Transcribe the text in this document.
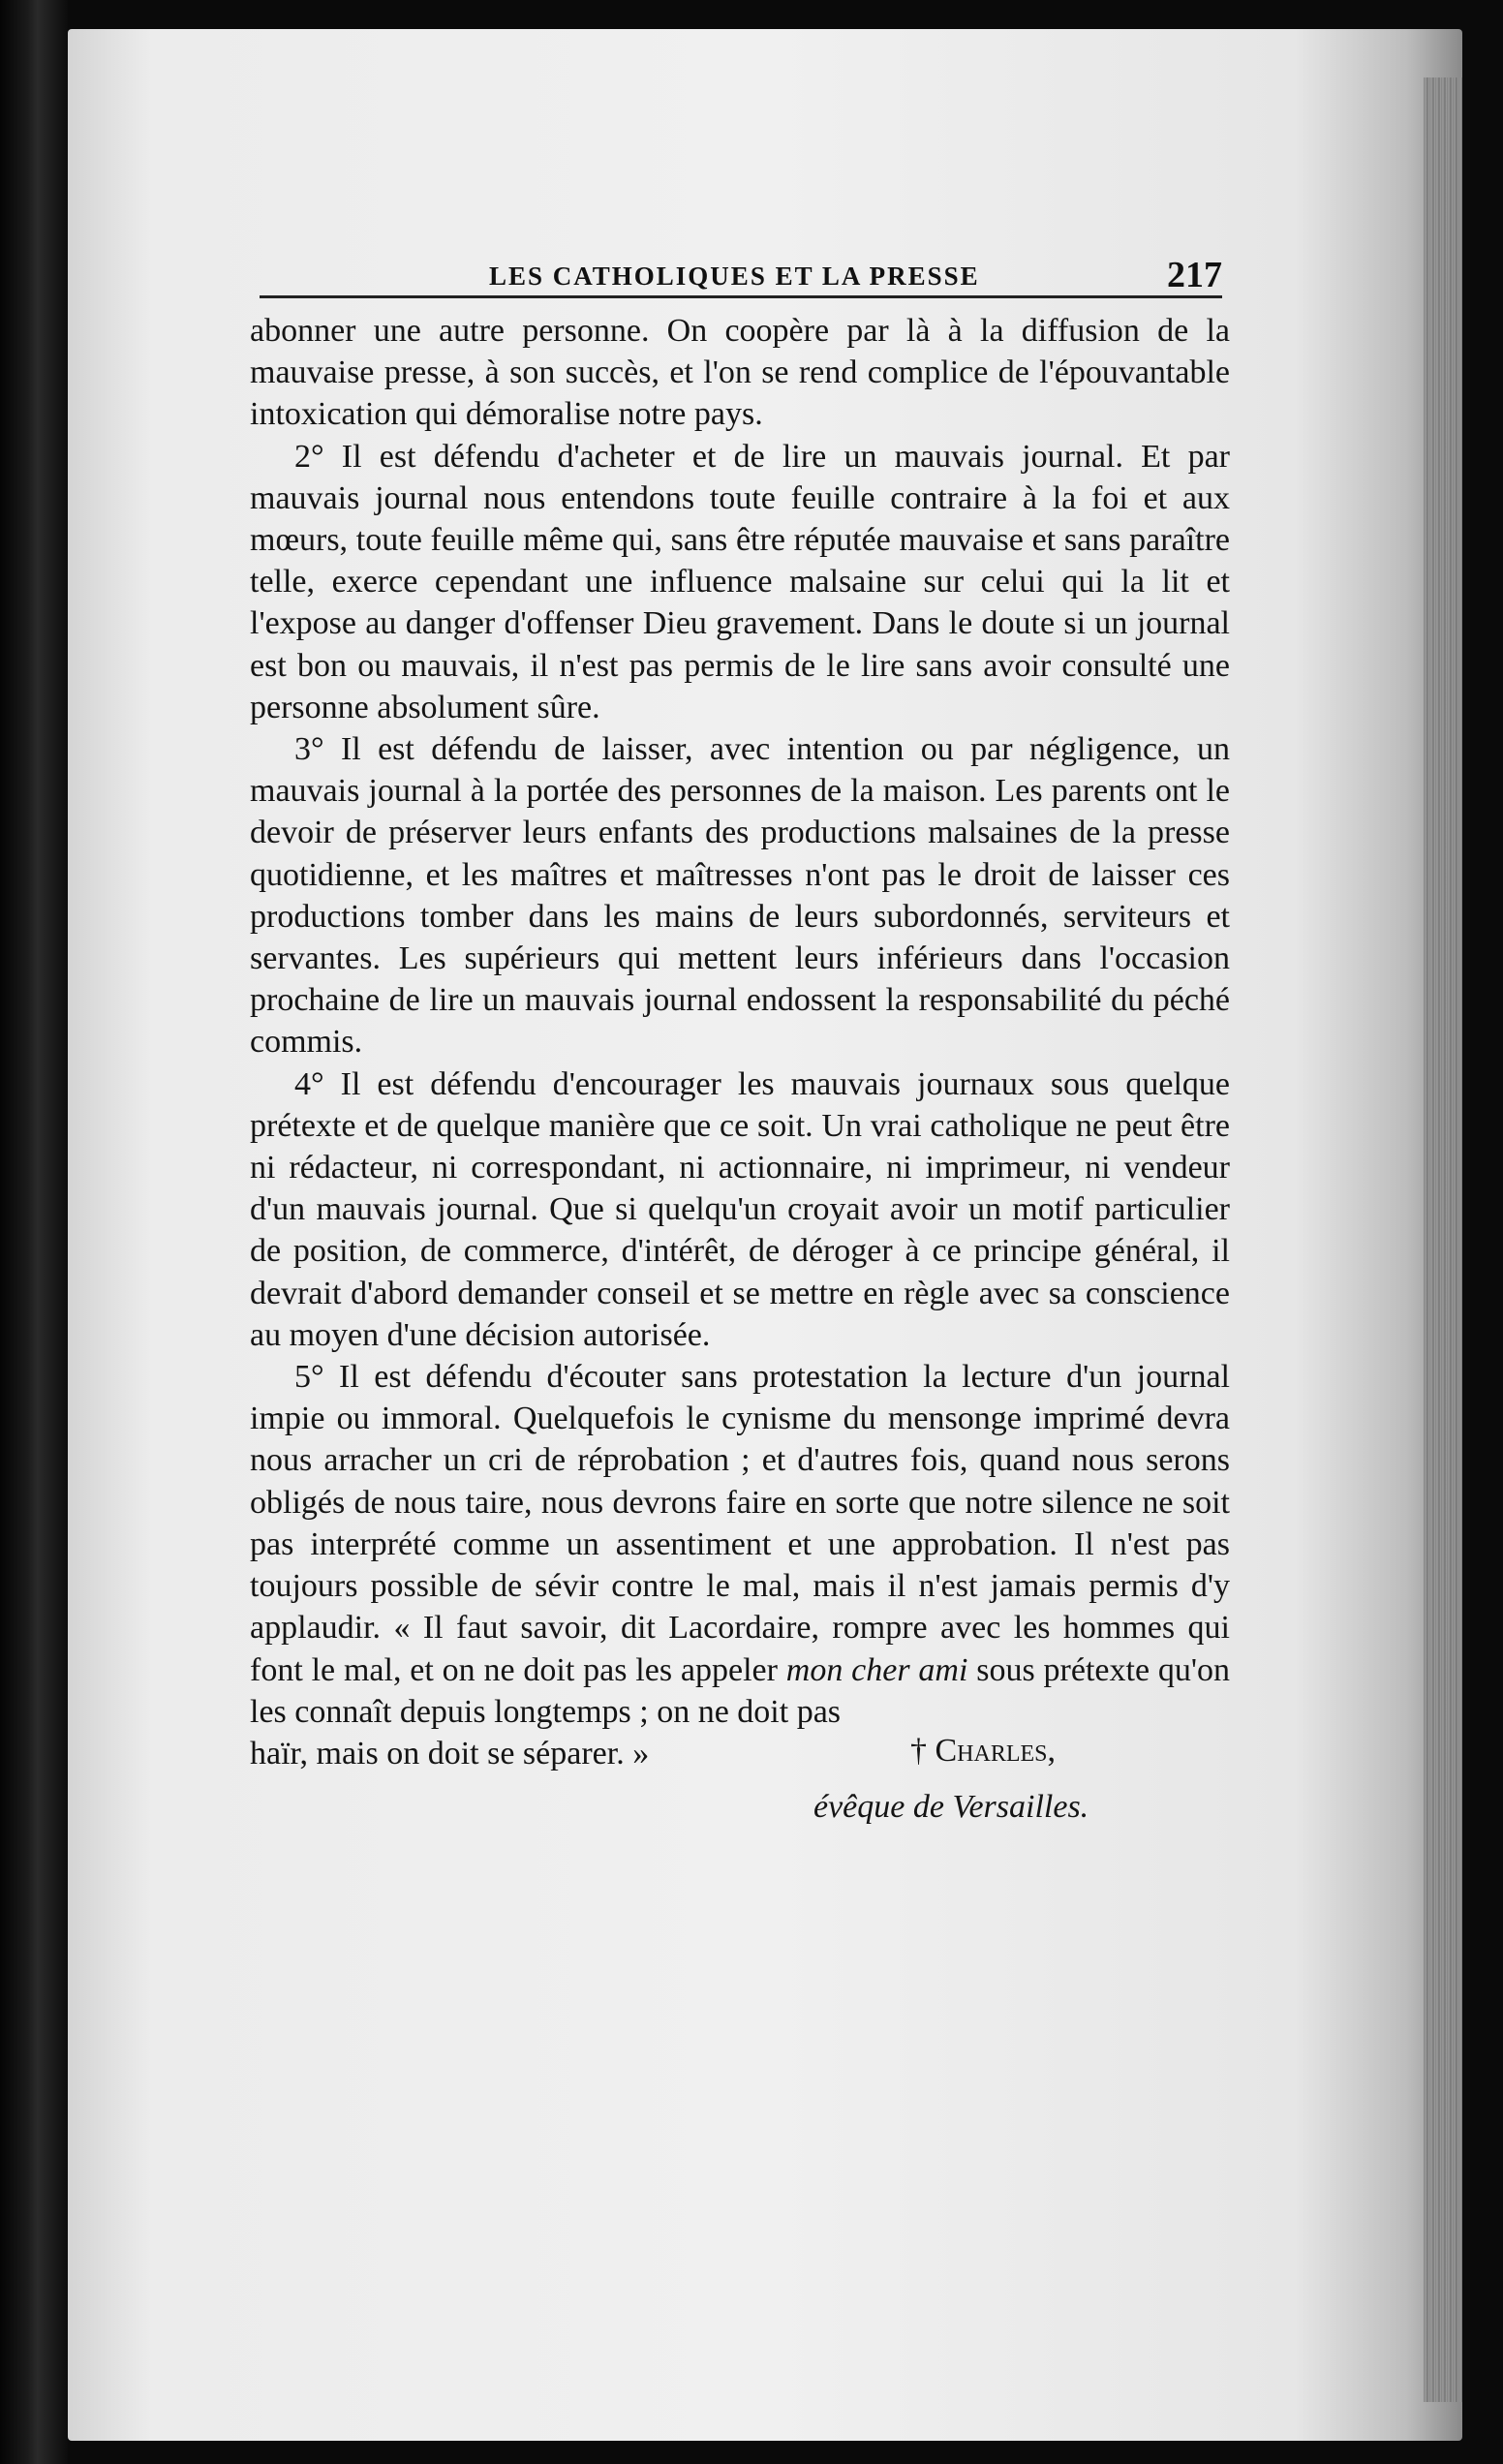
LES CATHOLIQUES ET LA PRESSE	217

abonner une autre personne. On coopère par là à la diffusion de la mauvaise presse, à son succès, et l'on se rend complice de l'épouvantable intoxication qui démoralise notre pays.

2° Il est défendu d'acheter et de lire un mauvais journal. Et par mauvais journal nous entendons toute feuille contraire à la foi et aux mœurs, toute feuille même qui, sans être réputée mauvaise et sans paraître telle, exerce cependant une influence malsaine sur celui qui la lit et l'expose au danger d'offenser Dieu gravement. Dans le doute si un journal est bon ou mauvais, il n'est pas permis de le lire sans avoir consulté une personne absolument sûre.

3° Il est défendu de laisser, avec intention ou par négligence, un mauvais journal à la portée des personnes de la maison. Les parents ont le devoir de préserver leurs enfants des productions malsaines de la presse quotidienne, et les maîtres et maîtresses n'ont pas le droit de laisser ces productions tomber dans les mains de leurs subordonnés, serviteurs et servantes. Les supérieurs qui mettent leurs inférieurs dans l'occasion prochaine de lire un mauvais journal endossent la responsabilité du péché commis.

4° Il est défendu d'encourager les mauvais journaux sous quelque prétexte et de quelque manière que ce soit. Un vrai catholique ne peut être ni rédacteur, ni correspondant, ni actionnaire, ni imprimeur, ni vendeur d'un mauvais journal. Que si quelqu'un croyait avoir un motif particulier de position, de commerce, d'intérêt, de déroger à ce principe général, il devrait d'abord demander conseil et se mettre en règle avec sa conscience au moyen d'une décision autorisée.

5° Il est défendu d'écouter sans protestation la lecture d'un journal impie ou immoral. Quelquefois le cynisme du mensonge imprimé devra nous arracher un cri de réprobation ; et d'autres fois, quand nous serons obligés de nous taire, nous devrons faire en sorte que notre silence ne soit pas interprété comme un assentiment et une approbation. Il n'est pas toujours possible de sévir contre le mal, mais il n'est jamais permis d'y applaudir. « Il faut savoir, dit Lacordaire, rompre avec les hommes qui font le mal, et on ne doit pas les appeler mon cher ami sous prétexte qu'on les connaît depuis longtemps ; on ne doit pas

haïr, mais on doit se séparer. »	† Charles,
évêque de Versailles.
